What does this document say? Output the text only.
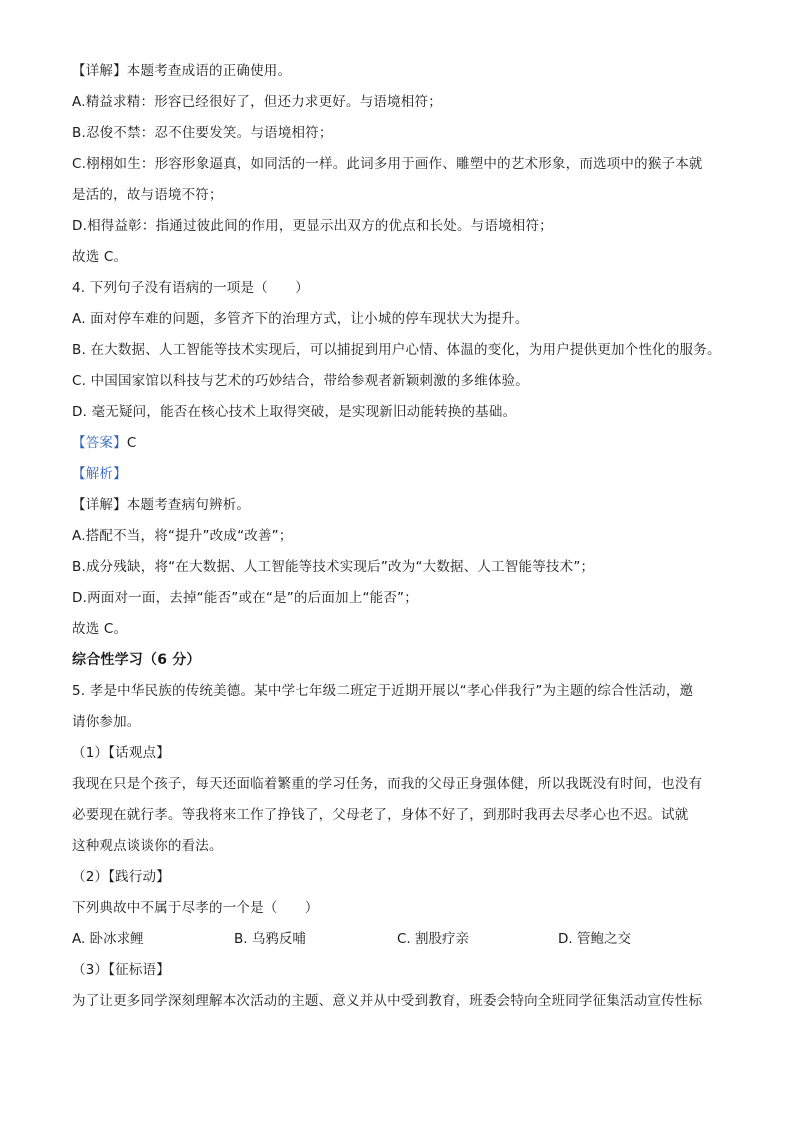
【详解】本题考查成语的正确使用。
A.精益求精：形容已经很好了，但还力求更好。与语境相符；
B.忍俊不禁：忍不住要发笑。与语境相符；
C.栩栩如生：形容形象逼真，如同活的一样。此词多用于画作、雕塑中的艺术形象，而选项中的猴子本就
是活的，故与语境不符；
D.相得益彰：指通过彼此间的作用，更显示出双方的优点和长处。与语境相符；
故选 C。
4. 下列句子没有语病的一项是（　　）
A. 面对停车难的问题，多管齐下的治理方式，让小城的停车现状大为提升。
B. 在大数据、人工智能等技术实现后，可以捕捉到用户心情、体温的变化，为用户提供更加个性化的服务。
C. 中国国家馆以科技与艺术的巧妙结合，带给参观者新颖刺激的多维体验。
D. 毫无疑问，能否在核心技术上取得突破，是实现新旧动能转换的基础。
【答案】C
【解析】
【详解】本题考查病句辨析。
A.搭配不当，将“提升”改成“改善”；
B.成分残缺，将“在大数据、人工智能等技术实现后”改为“大数据、人工智能等技术”；
D.两面对一面，去掉“能否”或在“是”的后面加上“能否”；
故选 C。
综合性学习（6 分）
5. 孝是中华民族的传统美德。某中学七年级二班定于近期开展以“孝心伴我行”为主题的综合性活动，邀
请你参加。
（1）【话观点】
我现在只是个孩子，每天还面临着繁重的学习任务，而我的父母正身强体健，所以我既没有时间，也没有
必要现在就行孝。等我将来工作了挣钱了，父母老了，身体不好了，到那时我再去尽孝心也不迟。试就
这种观点谈谈你的看法。
（2）【践行动】
下列典故中不属于尽孝的一个是（　　）
A. 卧冰求鲤	B. 乌鸦反哺	C. 割股疗亲	D. 管鲍之交
（3）【征标语】
为了让更多同学深刻理解本次活动的主题、意义并从中受到教育，班委会特向全班同学征集活动宣传性标
